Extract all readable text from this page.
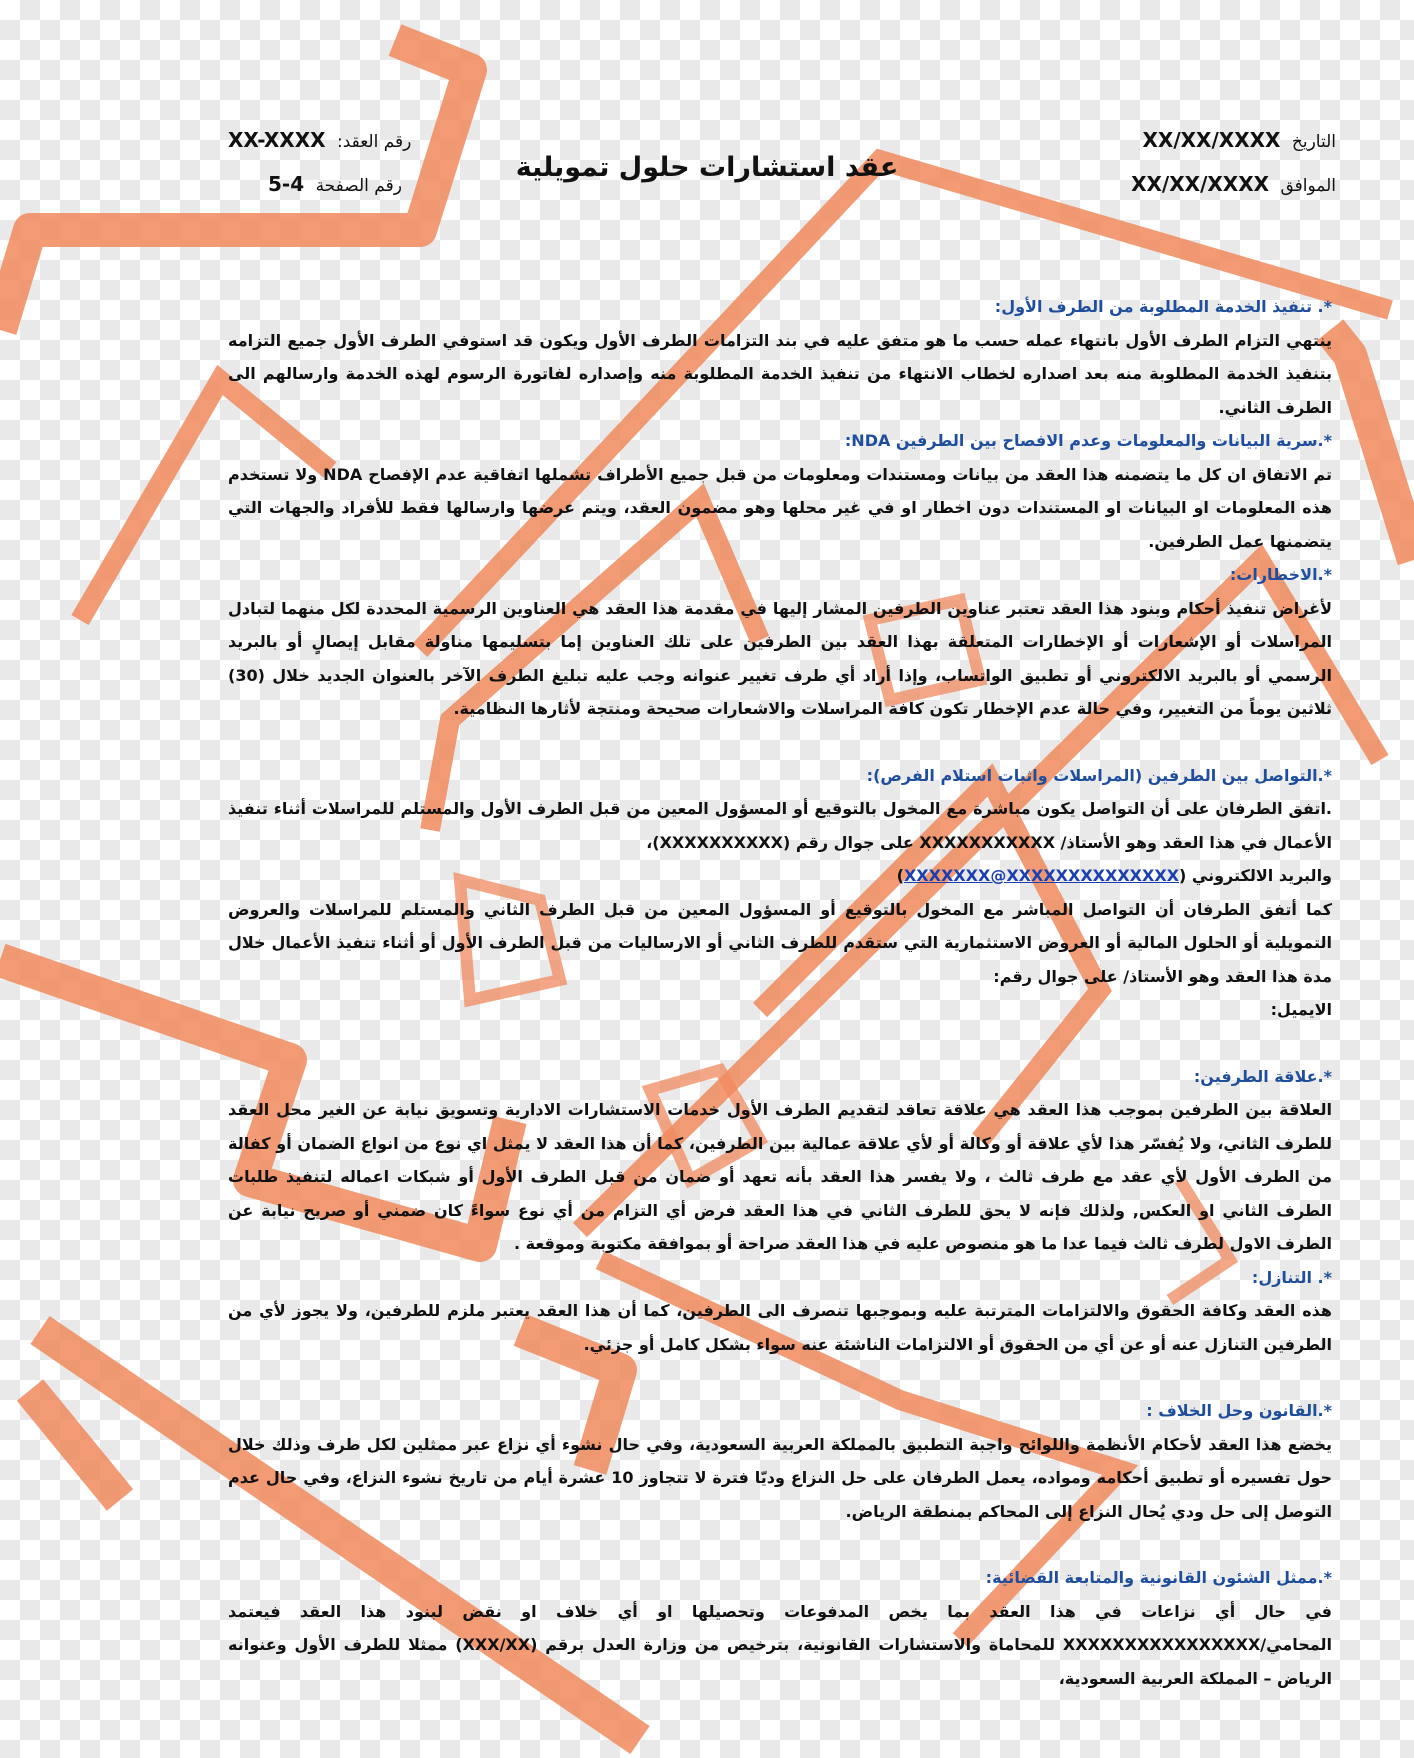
التاريخ XX/XX/XXXX
الموافق XX/XX/XXXX
عقد استشارات حلول تمويلية
رقم العقد: XX-XXXX
رقم الصفحة 4-5
*. تنفيذ الخدمة المطلوبة من الطرف الأول:

ينتهي التزام الطرف الأول بانتهاء عمله حسب ما هو متفق عليه في بند التزامات الطرف الأول ويكون قد استوفي الطرف الأول جميع التزامه بتنفيذ الخدمة المطلوبة منه بعد اصداره لخطاب الانتهاء من تنفيذ الخدمة المطلوبة منه وإصداره لفاتورة الرسوم لهذه الخدمة وارسالهم الى الطرف الثاني.

*.سرية البيانات والمعلومات وعدم الافصاح بين الطرفين NDA:

تم الاتفاق ان كل ما يتضمنه هذا العقد من بيانات ومستندات ومعلومات من قبل جميع الأطراف تشملها اتفاقية عدم الإفصاح NDA ولا تستخدم هذه المعلومات او البيانات او المستندات دون اخطار او في غير محلها وهو مضمون العقد، ويتم عرضها وارسالها فقط للأفراد والجهات التي يتضمنها عمل الطرفين.

*.الاخطارات:

لأغراض تنفيذ أحكام وبنود هذا العقد تعتبر عناوين الطرفين المشار إليها في مقدمة هذا العقد هي العناوين الرسمية المحددة لكل منهما لتبادل المراسلات أو الإشعارات أو الإخطارات المتعلقة بهذا العقد بين الطرفين على تلك العناوين إما بتسليمها مناولة مقابل إيصالٍ أو بالبريد الرسمي أو بالبريد الالكتروني أو تطبيق الواتساب، وإذا أراد أي طرف تغيير عنوانه وجب عليه تبليغ الطرف الآخر بالعنوان الجديد خلال (30) ثلاثين يوماً من التغيير، وفي حالة عدم الإخطار تكون كافة المراسلات والاشعارات صحيحة ومنتجة لأثارها النظامية.

*.التواصل بين الطرفين (المراسلات واثبات استلام الفرص):

.اتفق الطرفان على أن التواصل يكون مباشرة مع المخول بالتوقيع أو المسؤول المعين من قبل الطرف الأول والمستلم للمراسلات أثناء تنفيذ الأعمال في هذا العقد وهو الأستاذ/ XXXXXXXXXXX على جوال رقم (XXXXXXXXXX)،

والبريد الالكتروني (XXXXXXX@XXXXXXXXXXXXXX)

كما أتفق الطرفان أن التواصل المباشر مع المخول بالتوقيع أو المسؤول المعين من قبل الطرف الثاني والمستلم للمراسلات والعروض التمويلية أو الحلول المالية أو العروض الاستثمارية التي ستقدم للطرف الثاني أو الارساليات من قبل الطرف الأول أو أثناء تنفيذ الأعمال خلال مدة هذا العقد وهو الأستاذ/ على جوال رقم:

الايميل:

*.علاقة الطرفين:

العلاقة بين الطرفين بموجب هذا العقد هي علاقة تعاقد لتقديم الطرف الأول خدمات الاستشارات الادارية وتسويق نيابة عن الغير محل العقد للطرف الثاني، ولا يُفسّر هذا لأي علاقة أو وكالة أو لأي علاقة عمالية بين الطرفين، كما أن هذا العقد لا يمثل اي نوع من انواع الضمان أو كفالة من الطرف الأول لأي عقد مع طرف ثالث ، ولا يفسر هذا العقد بأنه تعهد أو ضمان من قبل الطرف الأول أو شبكات اعماله لتنفيذ طلبات الطرف الثاني او العكس, ولذلك فإنه لا يحق للطرف الثاني في هذا العقد فرض أي التزام من أي نوع سواءً كان ضمني أو صريح نيابة عن الطرف الاول لطرف ثالث فيما عدا ما هو منصوص عليه في هذا العقد صراحة أو بموافقة مكتوبة وموقعة .

*. التنازل:

هذه العقد وكافة الحقوق والالتزامات المترتبة عليه وبموجبها تنصرف الى الطرفين، كما أن هذا العقد يعتبر ملزم للطرفين، ولا يجوز لأي من الطرفين التنازل عنه أو عن أي من الحقوق أو الالتزامات الناشئة عنه سواء بشكل كامل أو جزئي.

*.القانون وحل الخلاف :

يخضع هذا العقد لأحكام الأنظمة واللوائح واجبة التطبيق بالمملكة العربية السعودية، وفي حال نشوء أي نزاع عبر ممثلين لكل طرف وذلك خلال حول تفسيره أو تطبيق أحكامه ومواده، يعمل الطرفان على حل النزاع وديّا فترة لا تتجاوز 10 عشرة أيام من تاريخ نشوء النزاع، وفي حال عدم التوصل إلى حل ودي يُحال النزاع إلى المحاكم بمنطقة الرياض.

*.ممثل الشئون القانونية والمتابعة القضائية:

في حال أي نزاعات في هذا العقد بما يخص المدفوعات وتحصيلها او أي خلاف او نقض لبنود هذا العقد فيعتمد المحامي/XXXXXXXXXXXXXXXX للمحاماة والاستشارات القانونية، بترخيص من وزارة العدل برقم (XXX/XX) ممثلا للطرف الأول وعنوانه الرياض – المملكة العربية السعودية،
